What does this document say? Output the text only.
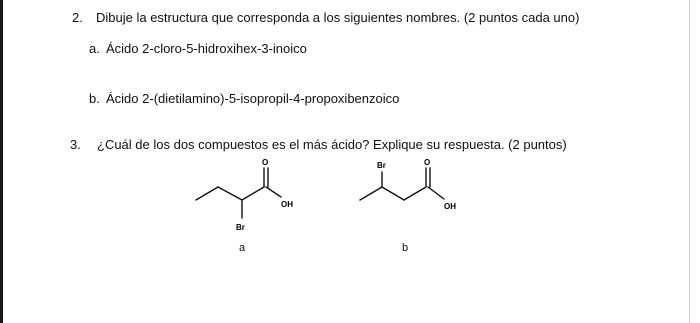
2. Dibuje la estructura que corresponda a los siguientes nombres. (2 puntos cada uno)
a. Ácido 2-cloro-5-hidroxihex-3-inoico
b. Ácido 2-(dietilamino)-5-isopropil-4-propoxibenzoico
3. ¿Cuál de los dos compuestos es el más ácido? Explique su respuesta. (2 puntos)
O
OH
Br
a
Br	O
OH
b
